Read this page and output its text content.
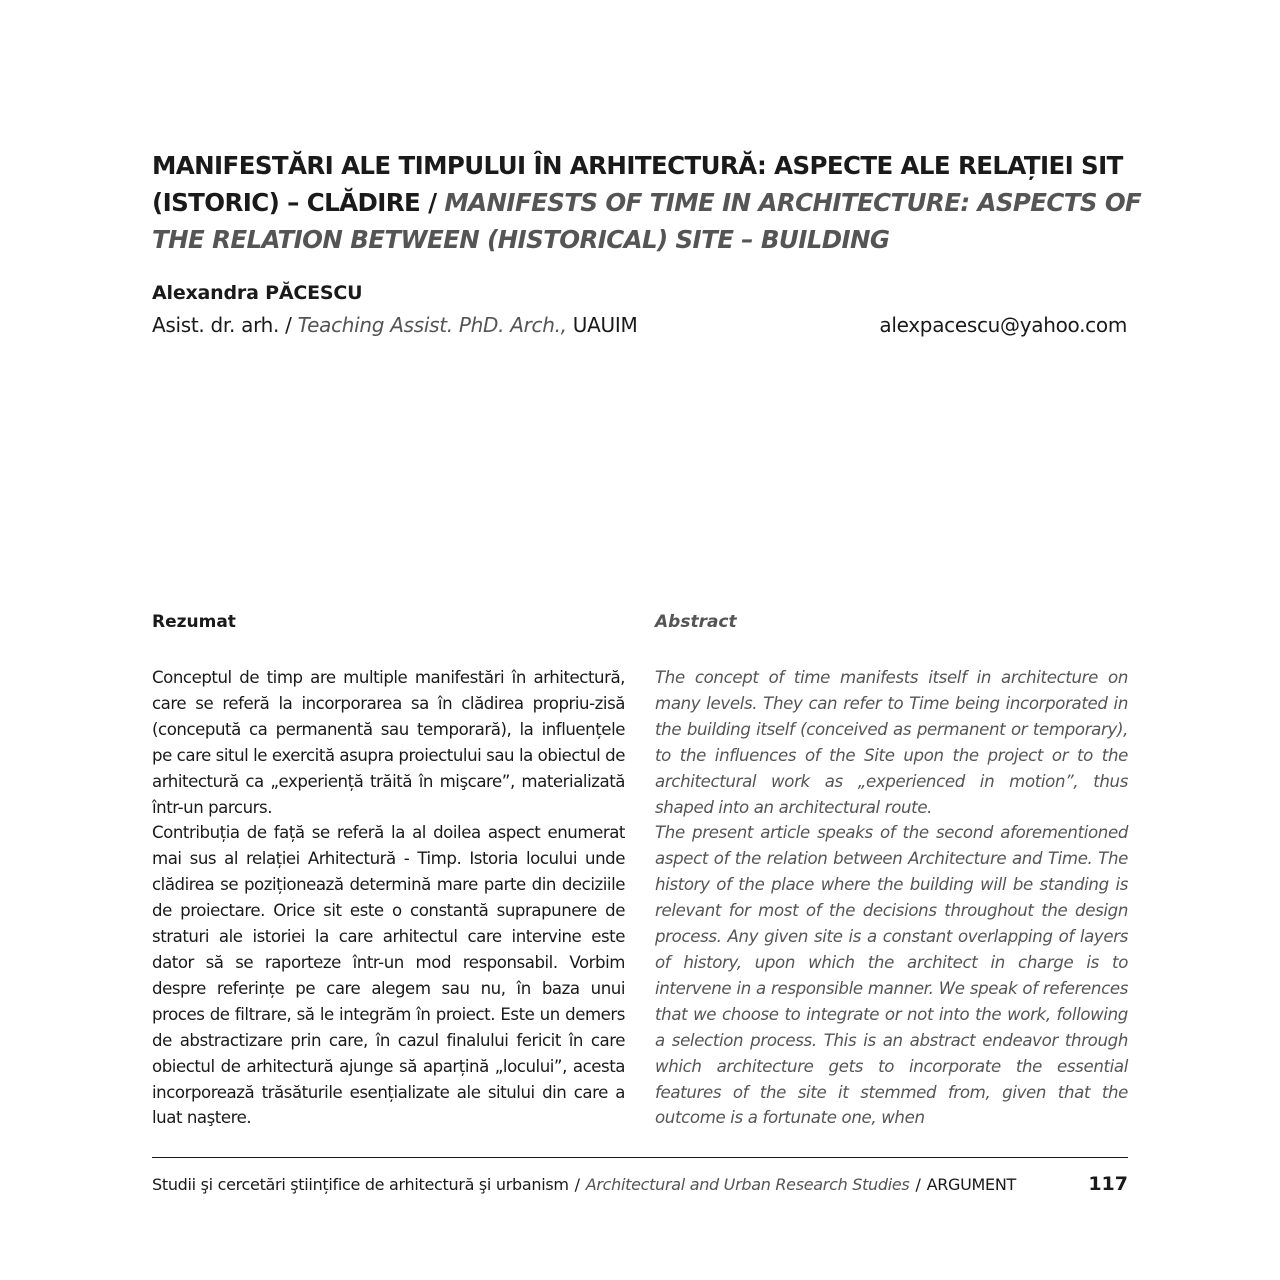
MANIFESTĂRI ALE TIMPULUI ÎN ARHITECTURĂ: ASPECTE ALE RELAȚIEI SIT (ISTORIC) – CLĂDIRE / MANIFESTS OF TIME IN ARCHITECTURE: ASPECTS OF THE RELATION BETWEEN (HISTORICAL) SITE – BUILDING
Alexandra PĂCESCU
Asist. dr. arh. / Teaching Assist. PhD. Arch., UAUIM	alexpacescu@yahoo.com
Rezumat

Conceptul de timp are multiple manifestări în arhitectură, care se referă la incorporarea sa în clădirea propriu-zisă (concepută ca permanentă sau temporară), la influențele pe care situl le exercită asupra proiectului sau la obiectul de arhitectură ca „experiență trăită în mişcare”, materializată într-un parcurs.

Contribuția de față se referă la al doilea aspect enumerat mai sus al relației Arhitectură - Timp. Istoria locului unde clădirea se poziționează determină mare parte din deciziile de proiectare. Orice sit este o constantă suprapunere de straturi ale istoriei la care arhitectul care intervine este dator să se raporteze într-un mod responsabil. Vorbim despre referințe pe care alegem sau nu, în baza unui proces de filtrare, să le integrăm în proiect. Este un demers de abstractizare prin care, în cazul finalului fericit în care obiectul de arhitectură ajunge să aparțină „locului”, acesta incorporează trăsăturile esențializate ale sitului din care a luat naştere.

Abstract

The concept of time manifests itself in architecture on many levels. They can refer to Time being incorporated in the building itself (conceived as permanent or temporary), to the influences of the Site upon the project or to the architectural work as „experienced in motion”, thus shaped into an architectural route.

The present article speaks of the second aforementioned aspect of the relation between Architecture and Time. The history of the place where the building will be standing is relevant for most of the decisions throughout the design process. Any given site is a constant overlapping of layers of history, upon which the architect in charge is to intervene in a responsible manner. We speak of references that we choose to integrate or not into the work, following a selection process. This is an abstract endeavor through which architecture gets to incorporate the essential features of the site it stemmed from, given that the outcome is a fortunate one, when

Studii şi cercetări ştiințifice de arhitectură şi urbanism / Architectural and Urban Research Studies / ARGUMENT	117
